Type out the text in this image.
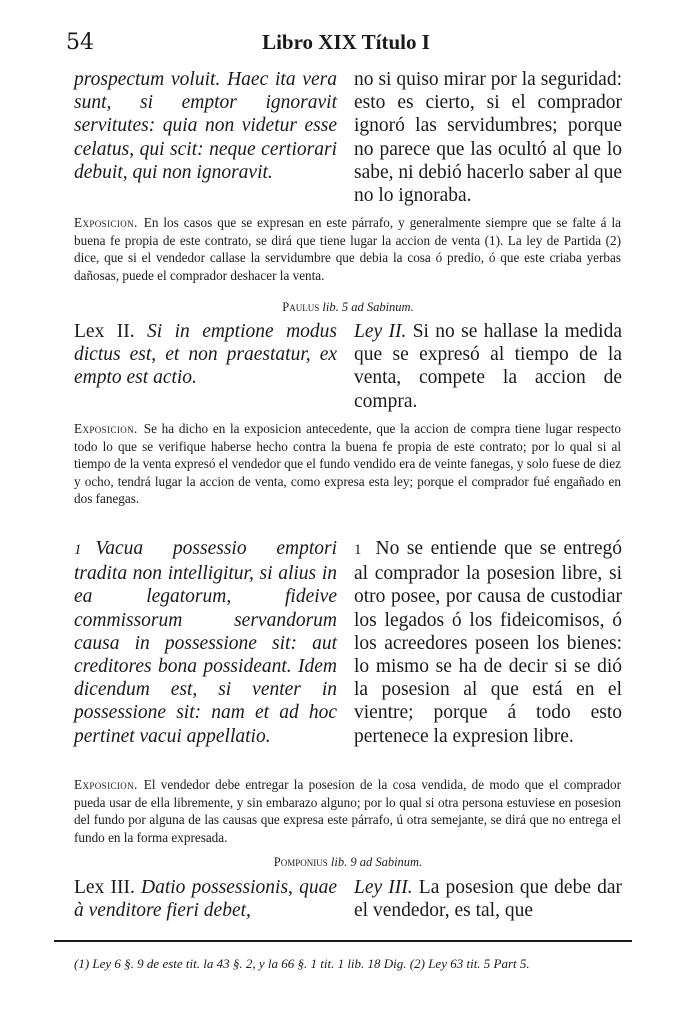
54	Libro XIX Título I
prospectum voluit. Haec ita vera sunt, si emptor ignoravit servitutes: quia non videtur esse celatus, qui scit: neque certiorari debuit, qui non ignoravit.
no si quiso mirar por la seguridad: esto es cierto, si el comprador ignoró las servidumbres; porque no parece que las ocultó al que lo sabe, ni debió hacerlo saber al que no lo ignoraba.
Exposicion. En los casos que se expresan en este párrafo, y generalmente siempre que se falte á la buena fe propia de este contrato, se dirá que tiene lugar la accion de venta (1). La ley de Partida (2) dice, que si el vendedor callase la servidumbre que debia la cosa ó predio, ó que este criaba yerbas dañosas, puede el comprador deshacer la venta.
Paulus lib. 5 ad Sabinum.
Lex II. Si in emptione modus dictus est, et non praestatur, ex empto est actio.
Ley II. Si no se hallase la medida que se expresó al tiempo de la venta, compete la accion de compra.
Exposicion. Se ha dicho en la exposicion antecedente, que la accion de compra tiene lugar respecto todo lo que se verifique haberse hecho contra la buena fe propia de este contrato; por lo qual si al tiempo de la venta expresó el vendedor que el fundo vendido era de veinte fanegas, y solo fuese de diez y ocho, tendrá lugar la accion de venta, como expresa esta ley; porque el comprador fué engañado en dos fanegas.
1 Vacua possessio emptori tradita non intelligitur, si alius in ea legatorum, fideive commissorum servandorum causa in possessione sit: aut creditores bona possideant. Idem dicendum est, si venter in possessione sit: nam et ad hoc pertinet vacui appellatio.
1 No se entiende que se entregó al comprador la posesion libre, si otro posee, por causa de custodiar los legados ó los fideicomisos, ó los acreedores poseen los bienes: lo mismo se ha de decir si se dió la posesion al que está en el vientre; porque á todo esto pertenece la expresion libre.
Exposicion. El vendedor debe entregar la posesion de la cosa vendida, de modo que el comprador pueda usar de ella libremente, y sin embarazo alguno; por lo qual si otra persona estuviese en posesion del fundo por alguna de las causas que expresa este párrafo, ú otra semejante, se dirá que no entrega el fundo en la forma expresada.
Pomponius lib. 9 ad Sabinum.
Lex III. Datio possessionis, quae à venditore fieri debet,
Ley III. La posesion que debe dar el vendedor, es tal, que
(1) Ley 6 §. 9 de este tit. la 43 §. 2, y la 66 §. 1 tit. 1 lib. 18 Dig. (2) Ley 63 tit. 5 Part 5.
